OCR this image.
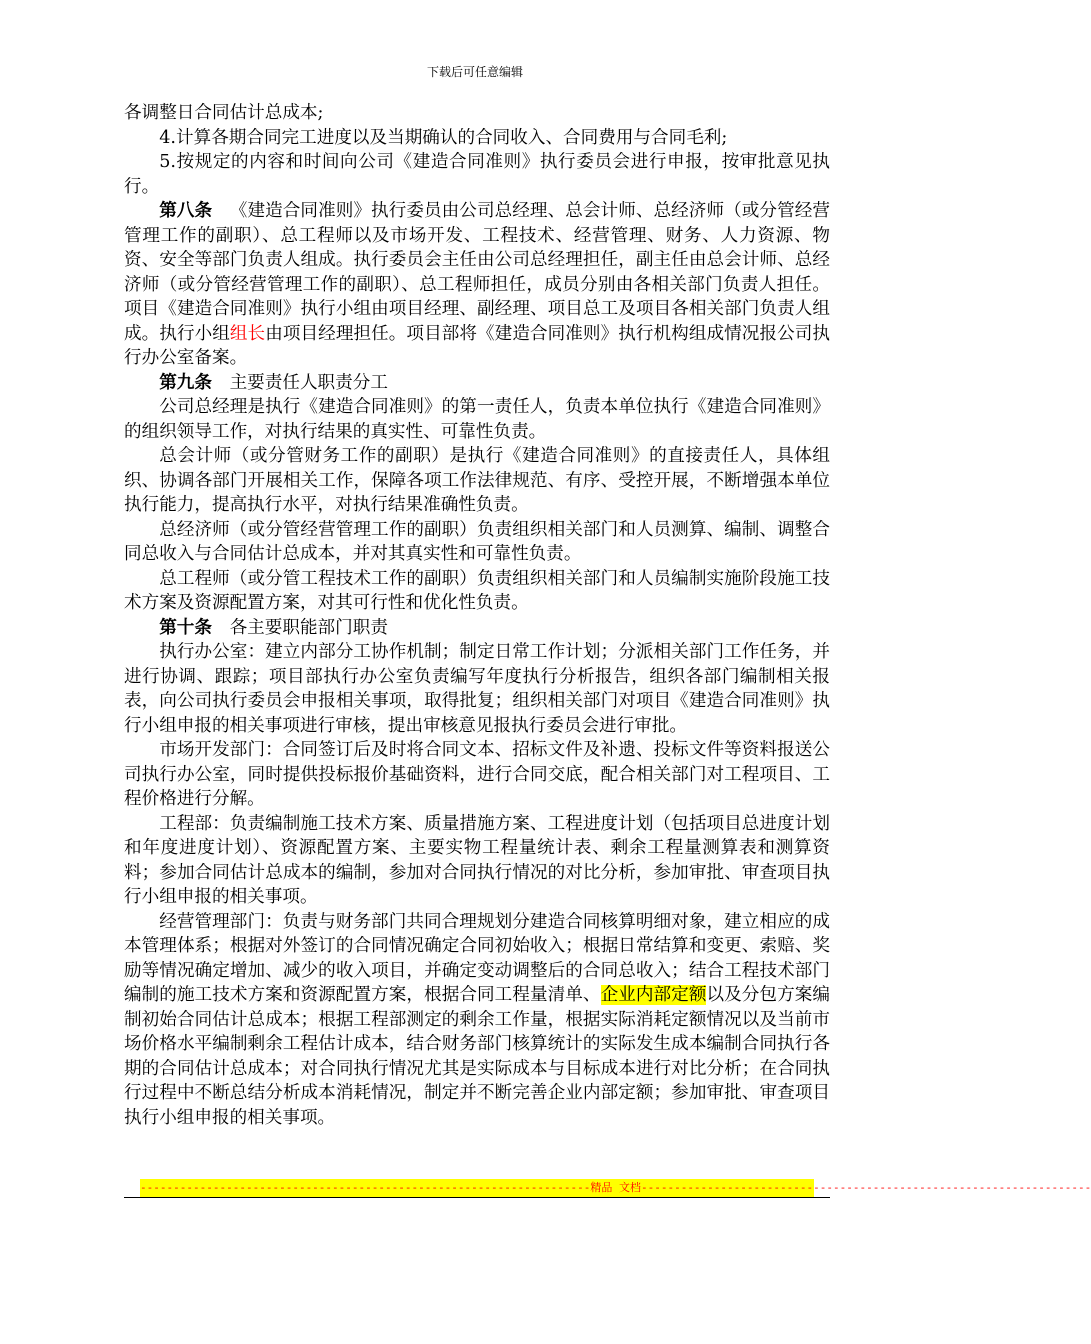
下载后可任意编辑

各调整日合同估计总成本;

4.计算各期合同完工进度以及当期确认的合同收入、合同费用与合同毛利;

5.按规定的内容和时间向公司《建造合同准则》执行委员会进行申报，按审批意见执行。

第八条  《建造合同准则》执行委员由公司总经理、总会计师、总经济师（或分管经营管理工作的副职）、总工程师以及市场开发、工程技术、经营管理、财务、人力资源、物资、安全等部门负责人组成。执行委员会主任由公司总经理担任，副主任由总会计师、总经济师（或分管经营管理工作的副职）、总工程师担任，成员分别由各相关部门负责人担任。项目《建造合同准则》执行小组由项目经理、副经理、项目总工及项目各相关部门负责人组成。执行小组组长由项目经理担任。项目部将《建造合同准则》执行机构组成情况报公司执行办公室备案。

第九条  主要责任人职责分工

公司总经理是执行《建造合同准则》的第一责任人，负责本单位执行《建造合同准则》的组织领导工作，对执行结果的真实性、可靠性负责。

总会计师（或分管财务工作的副职）是执行《建造合同准则》的直接责任人，具体组织、协调各部门开展相关工作，保障各项工作法律规范、有序、受控开展，不断增强本单位执行能力，提高执行水平，对执行结果准确性负责。

总经济师（或分管经营管理工作的副职）负责组织相关部门和人员测算、编制、调整合同总收入与合同估计总成本，并对其真实性和可靠性负责。

总工程师（或分管工程技术工作的副职）负责组织相关部门和人员编制实施阶段施工技术方案及资源配置方案，对其可行性和优化性负责。

第十条  各主要职能部门职责

执行办公室：建立内部分工协作机制；制定日常工作计划；分派相关部门工作任务，并进行协调、跟踪；项目部执行办公室负责编写年度执行分析报告，组织各部门编制相关报表，向公司执行委员会申报相关事项，取得批复；组织相关部门对项目《建造合同准则》执行小组申报的相关事项进行审核，提出审核意见报执行委员会进行审批。

市场开发部门：合同签订后及时将合同文本、招标文件及补遗、投标文件等资料报送公司执行办公室，同时提供投标报价基础资料，进行合同交底，配合相关部门对工程项目、工程价格进行分解。

工程部：负责编制施工技术方案、质量措施方案、工程进度计划（包括项目总进度计划和年度进度计划）、资源配置方案、主要实物工程量统计表、剩余工程量测算表和测算资料；参加合同估计总成本的编制，参加对合同执行情况的对比分析，参加审批、审查项目执行小组申报的相关事项。

经营管理部门：负责与财务部门共同合理规划分建造合同核算明细对象，建立相应的成本管理体系；根据对外签订的合同情况确定合同初始收入；根据日常结算和变更、索赔、奖励等情况确定增加、减少的收入项目，并确定变动调整后的合同总收入；结合工程技术部门编制的施工技术方案和资源配置方案，根据合同工程量清单、企业内部定额以及分包方案编制初始合同估计总成本；根据工程部测定的剩余工作量，根据实际消耗定额情况以及当前市场价格水平编制剩余工程估计成本，结合财务部门核算统计的实际发生成本编制合同执行各期的合同估计总成本；对合同执行情况尤其是实际成本与目标成本进行对比分析；在合同执行过程中不断总结分析成本消耗情况，制定并不断完善企业内部定额；参加审批、审查项目执行小组申报的相关事项。

--------------------------------------------------------------------精品 文档--------------------------------------------------------------------
